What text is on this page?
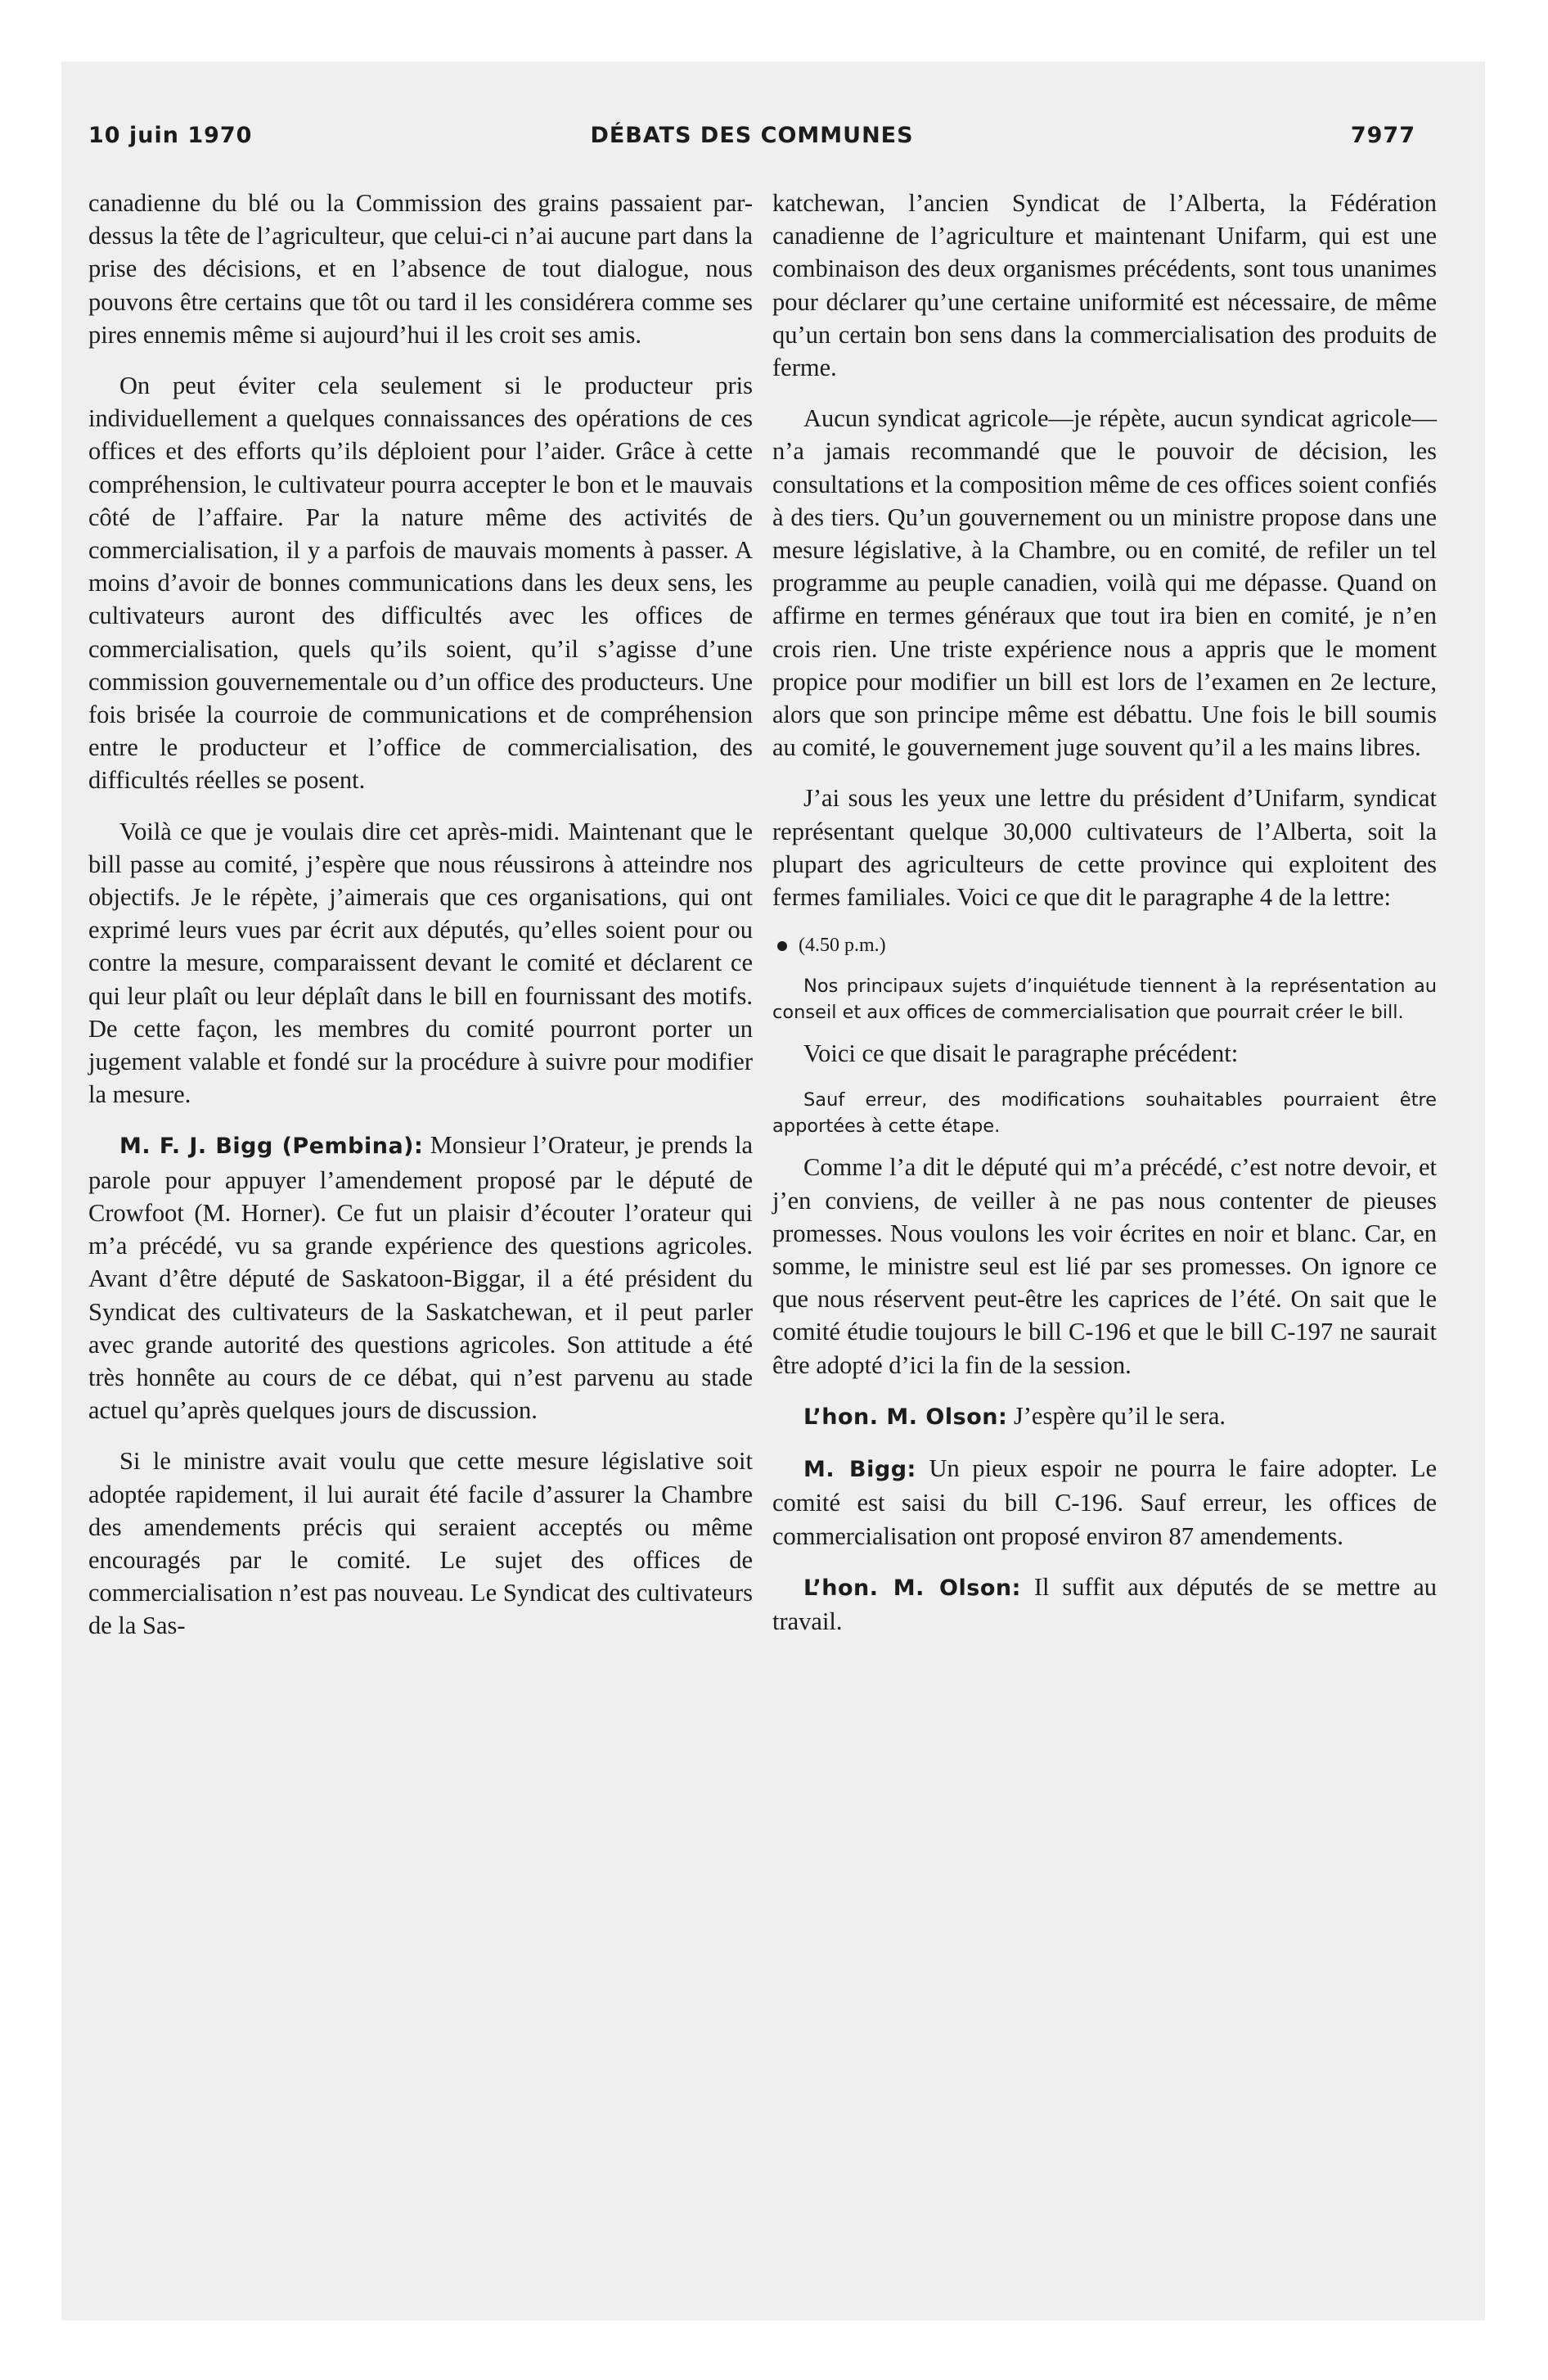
10 juin 1970	DÉBATS DES COMMUNES	7977

canadienne du blé ou la Commission des grains passaient par-dessus la tête de l’agriculteur, que celui-ci n’ai aucune part dans la prise des décisions, et en l’absence de tout dialogue, nous pouvons être certains que tôt ou tard il les considérera comme ses pires ennemis même si aujourd’hui il les croit ses amis.

On peut éviter cela seulement si le producteur pris individuellement a quelques connaissances des opérations de ces offices et des efforts qu’ils déploient pour l’aider. Grâce à cette compréhension, le cultivateur pourra accepter le bon et le mauvais côté de l’affaire. Par la nature même des activités de commercialisation, il y a parfois de mauvais moments à passer. A moins d’avoir de bonnes communications dans les deux sens, les cultivateurs auront des difficultés avec les offices de commercialisation, quels qu’ils soient, qu’il s’agisse d’une commission gouvernementale ou d’un office des producteurs. Une fois brisée la courroie de communications et de compréhension entre le producteur et l’office de commercialisation, des difficultés réelles se posent.

Voilà ce que je voulais dire cet après-midi. Maintenant que le bill passe au comité, j’espère que nous réussirons à atteindre nos objectifs. Je le répète, j’aimerais que ces organisations, qui ont exprimé leurs vues par écrit aux députés, qu’elles soient pour ou contre la mesure, comparaissent devant le comité et déclarent ce qui leur plaît ou leur déplaît dans le bill en fournissant des motifs. De cette façon, les membres du comité pourront porter un jugement valable et fondé sur la procédure à suivre pour modifier la mesure.

M. F. J. Bigg (Pembina): Monsieur l’Orateur, je prends la parole pour appuyer l’amendement proposé par le député de Crowfoot (M. Horner). Ce fut un plaisir d’écouter l’orateur qui m’a précédé, vu sa grande expérience des questions agricoles. Avant d’être député de Saskatoon-Biggar, il a été président du Syndicat des cultivateurs de la Saskatchewan, et il peut parler avec grande autorité des questions agricoles. Son attitude a été très honnête au cours de ce débat, qui n’est parvenu au stade actuel qu’après quelques jours de discussion.

Si le ministre avait voulu que cette mesure législative soit adoptée rapidement, il lui aurait été facile d’assurer la Chambre des amendements précis qui seraient acceptés ou même encouragés par le comité. Le sujet des offices de commercialisation n’est pas nouveau. Le Syndicat des cultivateurs de la Sas-

katchewan, l’ancien Syndicat de l’Alberta, la Fédération canadienne de l’agriculture et maintenant Unifarm, qui est une combinaison des deux organismes précédents, sont tous unanimes pour déclarer qu’une certaine uniformité est nécessaire, de même qu’un certain bon sens dans la commercialisation des produits de ferme.

Aucun syndicat agricole—je répète, aucun syndicat agricole—n’a jamais recommandé que le pouvoir de décision, les consultations et la composition même de ces offices soient confiés à des tiers. Qu’un gouvernement ou un ministre propose dans une mesure législative, à la Chambre, ou en comité, de refiler un tel programme au peuple canadien, voilà qui me dépasse. Quand on affirme en termes généraux que tout ira bien en comité, je n’en crois rien. Une triste expérience nous a appris que le moment propice pour modifier un bill est lors de l’examen en 2e lecture, alors que son principe même est débattu. Une fois le bill soumis au comité, le gouvernement juge souvent qu’il a les mains libres.

J’ai sous les yeux une lettre du président d’Unifarm, syndicat représentant quelque 30,000 cultivateurs de l’Alberta, soit la plupart des agriculteurs de cette province qui exploitent des fermes familiales. Voici ce que dit le paragraphe 4 de la lettre:

(4.50 p.m.)
Nos principaux sujets d’inquiétude tiennent à la représentation au conseil et aux offices de commercialisation que pourrait créer le bill.

Voici ce que disait le paragraphe précédent:

Sauf erreur, des modifications souhaitables pourraient être apportées à cette étape.

Comme l’a dit le député qui m’a précédé, c’est notre devoir, et j’en conviens, de veiller à ne pas nous contenter de pieuses promesses. Nous voulons les voir écrites en noir et blanc. Car, en somme, le ministre seul est lié par ses promesses. On ignore ce que nous réservent peut-être les caprices de l’été. On sait que le comité étudie toujours le bill C-196 et que le bill C-197 ne saurait être adopté d’ici la fin de la session.

L’hon. M. Olson: J’espère qu’il le sera.

M. Bigg: Un pieux espoir ne pourra le faire adopter. Le comité est saisi du bill C-196. Sauf erreur, les offices de commercialisation ont proposé environ 87 amendements.

L’hon. M. Olson: Il suffit aux députés de se mettre au travail.
